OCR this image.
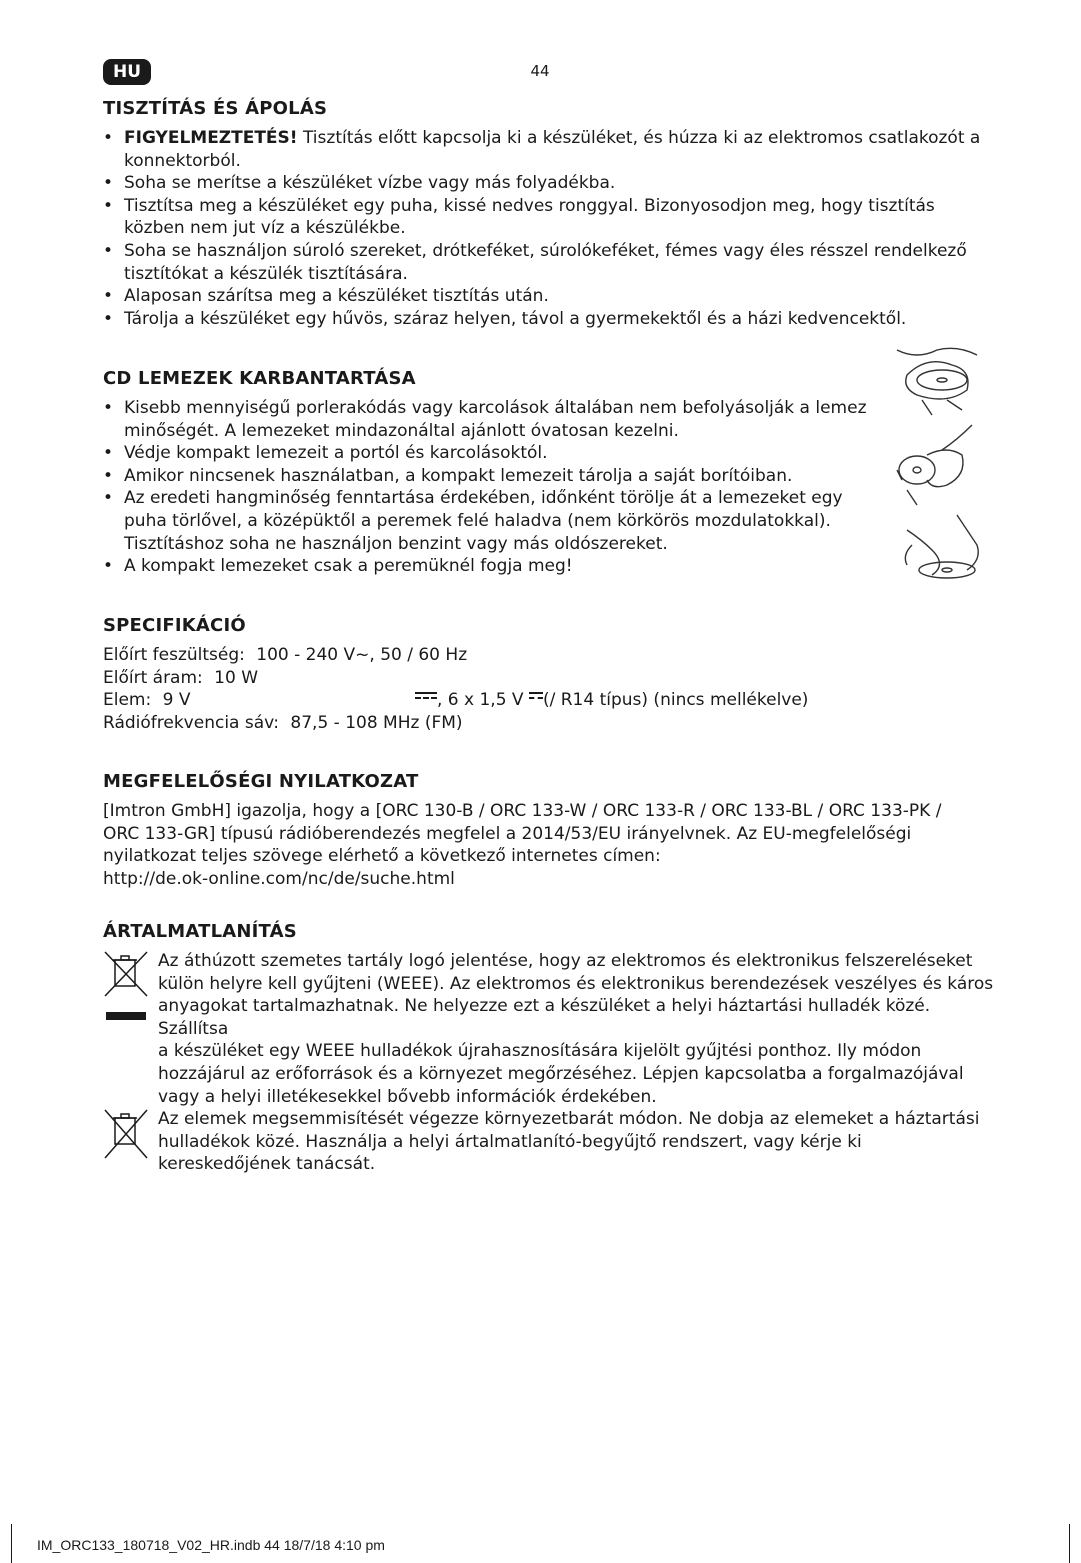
HU	44
TISZTÍTÁS ÉS ÁPOLÁS
• FIGYELMEZTETÉS! Tisztítás előtt kapcsolja ki a készüléket, és húzza ki az elektromos csatlakozót a konnektorból.
• Soha se merítse a készüléket vízbe vagy más folyadékba.
• Tisztítsa meg a készüléket egy puha, kissé nedves ronggyal. Bizonyosodjon meg, hogy tisztítás közben nem jut víz a készülékbe.
• Soha se használjon súroló szereket, drótkeféket, súrolókeféket, fémes vagy éles résszel rendelkező tisztítókat a készülék tisztítására.
• Alaposan szárítsa meg a készüléket tisztítás után.
• Tárolja a készüléket egy hűvös, száraz helyen, távol a gyermekektől és a házi kedvencektől.
CD LEMEZEK KARBANTARTÁSA
• Kisebb mennyiségű porlerakódás vagy karcolások általában nem befolyásolják a lemez minőségét. A lemezeket mindazonáltal ajánlott óvatosan kezelni.
• Védje kompakt lemezeit a portól és karcolásoktól.
• Amikor nincsenek használatban, a kompakt lemezeit tárolja a saját borítóiban.
• Az eredeti hangminőség fenntartása érdekében, időnként törölje át a lemezeket egy puha törlővel, a középüktől a peremek felé haladva (nem körkörös mozdulatokkal). Tisztításhoz soha ne használjon benzint vagy más oldószereket.
• A kompakt lemezeket csak a peremüknél fogja meg!
SPECIFIKÁCIÓ
Előírt feszültség: 100 - 240 V~, 50 / 60 Hz
Előírt áram: 10 W
Elem: 9 V	, 6 x 1,5 V (/ R14 típus) (nincs mellékelve)
Rádiófrekvencia sáv: 87,5 - 108 MHz (FM)
MEGFELELŐSÉGI NYILATKOZAT
[Imtron GmbH] igazolja, hogy a [ORC 130-B / ORC 133-W / ORC 133-R / ORC 133-BL / ORC 133-PK /
ORC 133-GR] típusú rádióberendezés megfelel a 2014/53/EU irányelvnek. Az EU-megfelelőségi
nyilatkozat teljes szövege elérhető a következő internetes címen:
http://de.ok-online.com/nc/de/suche.html
ÁRTALMATLANÍTÁS
Az áthúzott szemetes tartály logó jelentése, hogy az elektromos és elektronikus felszereléseket
külön helyre kell gyűjteni (WEEE). Az elektromos és elektronikus berendezések veszélyes és káros
anyagokat tartalmazhatnak. Ne helyezze ezt a készüléket a helyi háztartási hulladék közé. Szállítsa
a készüléket egy WEEE hulladékok újrahasznosítására kijelölt gyűjtési ponthoz. Ily módon
hozzájárul az erőforrások és a környezet megőrzéséhez. Lépjen kapcsolatba a forgalmazójával
vagy a helyi illetékesekkel bővebb információk érdekében.
Az elemek megsemmisítését végezze környezetbarát módon. Ne dobja az elemeket a háztartási
hulladékok közé. Használja a helyi ártalmatlanító-begyűjtő rendszert, vagy kérje ki
kereskedőjének tanácsát.
IM_ORC133_180718_V02_HR.indb 44 18/7/18 4:10 pm
